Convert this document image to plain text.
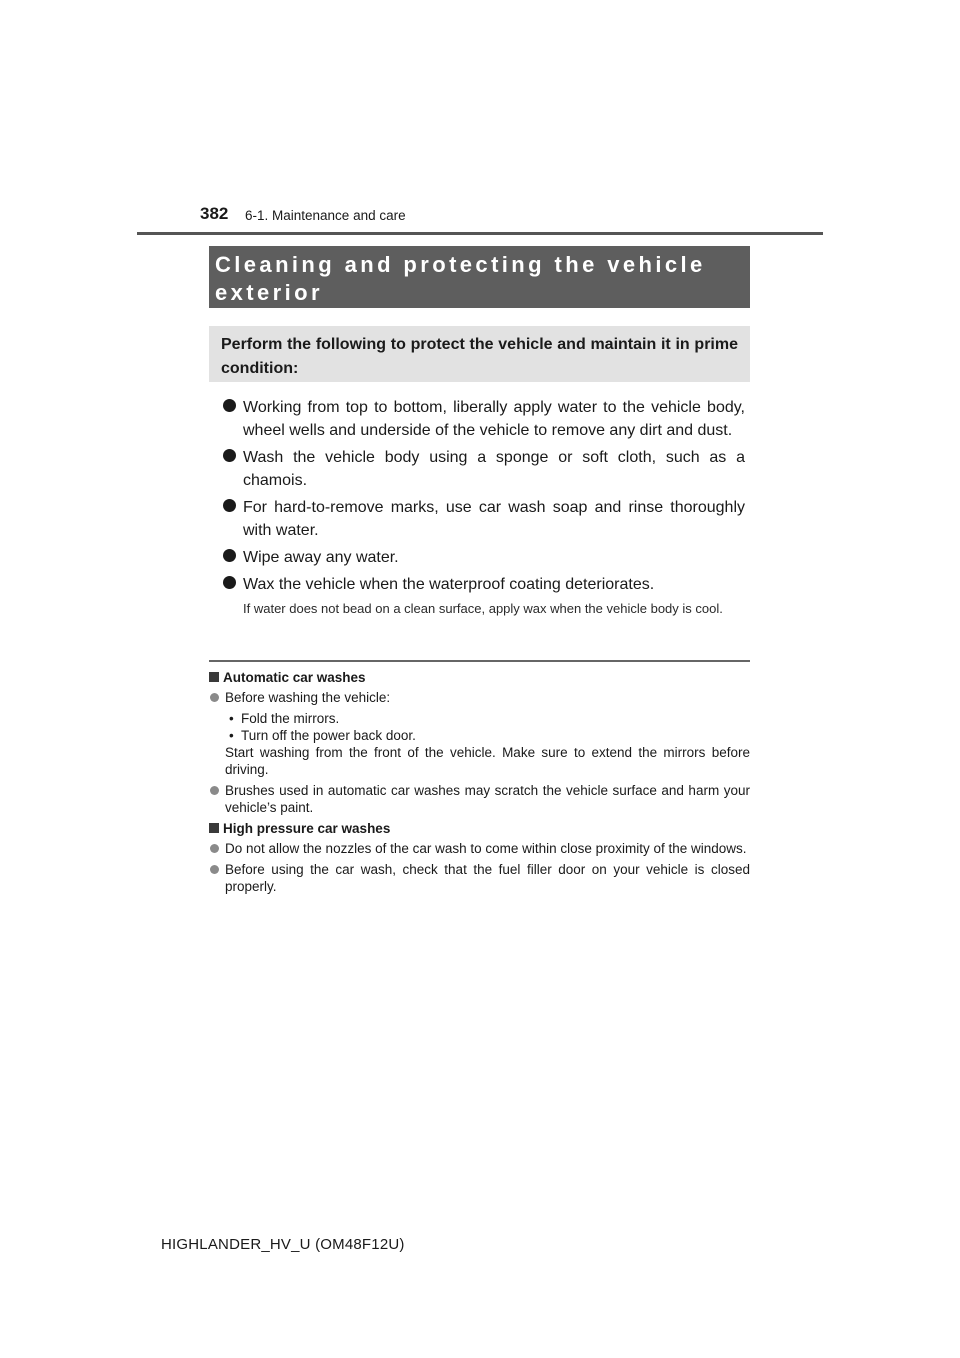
382 6-1. Maintenance and care
Cleaning and protecting the vehicle
exterior
Perform the following to protect the vehicle and maintain it in prime condition:
Working from top to bottom, liberally apply water to the vehicle body, wheel wells and underside of the vehicle to remove any dirt and dust.
Wash the vehicle body using a sponge or soft cloth, such as a chamois.
For hard-to-remove marks, use car wash soap and rinse thoroughly with water.
Wipe away any water.
Wax the vehicle when the waterproof coating deteriorates.
If water does not bead on a clean surface, apply wax when the vehicle body is cool.
Automatic car washes
Before washing the vehicle:
• Fold the mirrors.
• Turn off the power back door.
Start washing from the front of the vehicle. Make sure to extend the mirrors before driving.
Brushes used in automatic car washes may scratch the vehicle surface and harm your vehicle’s paint.
High pressure car washes
Do not allow the nozzles of the car wash to come within close proximity of the windows.
Before using the car wash, check that the fuel filler door on your vehicle is closed properly.
HIGHLANDER_HV_U (OM48F12U)
